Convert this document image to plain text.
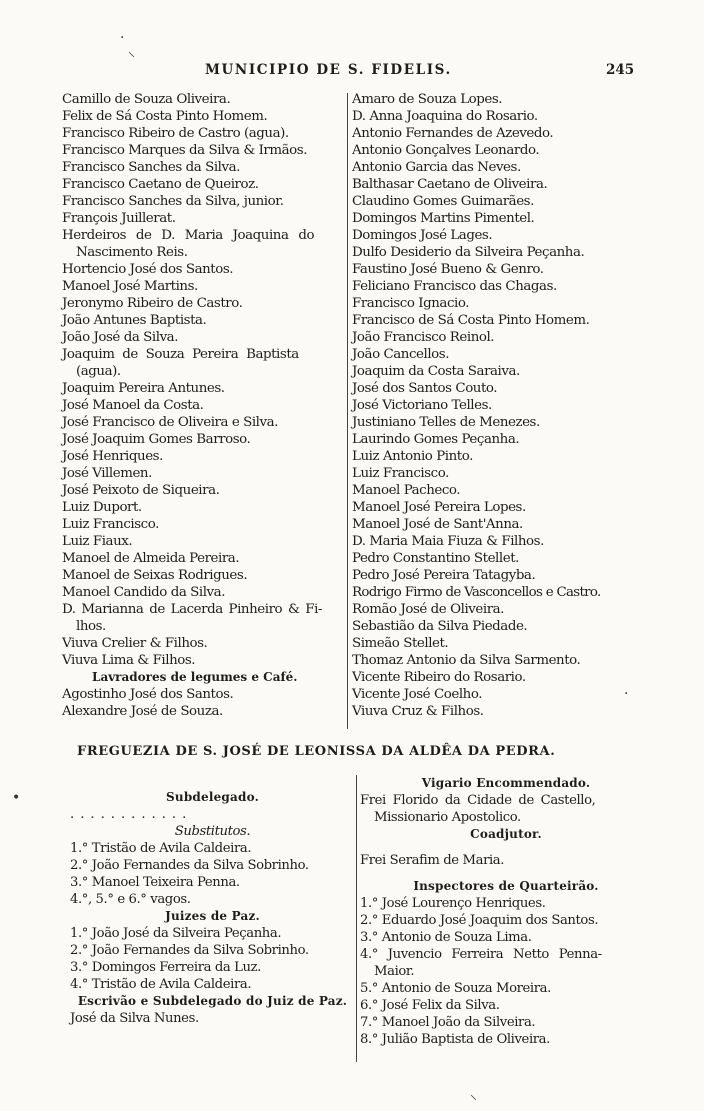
MUNICIPIO DE S. FIDELIS.	245
Camillo de Souza Oliveira.
Felix de Sá Costa Pinto Homem.
Francisco Ribeiro de Castro (agua).
Francisco Marques da Silva & Irmãos.
Francisco Sanches da Silva.
Francisco Caetano de Queiroz.
Francisco Sanches da Silva, junior.
François Juillerat.
Herdeiros de D. Maria Joaquina do
Nascimento Reis.
Hortencio José dos Santos.
Manoel José Martins.
Jeronymo Ribeiro de Castro.
João Antunes Baptista.
João José da Silva.
Joaquim de Souza Pereira Baptista
(agua).
Joaquim Pereira Antunes.
José Manoel da Costa.
José Francisco de Oliveira e Silva.
José Joaquim Gomes Barroso.
José Henriques.
José Villemen.
José Peixoto de Siqueira.
Luiz Duport.
Luiz Francisco.
Luiz Fiaux.
Manoel de Almeida Pereira.
Manoel de Seixas Rodrigues.
Manoel Candido da Silva.
D. Marianna de Lacerda Pinheiro & Fi-
lhos.
Viuva Crelier & Filhos.
Viuva Lima & Filhos.
Lavradores de legumes e Café.
Agostinho José dos Santos.
Alexandre José de Souza.
Amaro de Souza Lopes.
D. Anna Joaquina do Rosario.
Antonio Fernandes de Azevedo.
Antonio Gonçalves Leonardo.
Antonio Garcia das Neves.
Balthasar Caetano de Oliveira.
Claudino Gomes Guimarães.
Domingos Martins Pimentel.
Domingos José Lages.
Dulfo Desiderio da Silveira Peçanha.
Faustino José Bueno & Genro.
Feliciano Francisco das Chagas.
Francisco Ignacio.
Francisco de Sá Costa Pinto Homem.
João Francisco Reinol.
João Cancellos.
Joaquim da Costa Saraiva.
José dos Santos Couto.
José Victoriano Telles.
Justiniano Telles de Menezes.
Laurindo Gomes Peçanha.
Luiz Antonio Pinto.
Luiz Francisco.
Manoel Pacheco.
Manoel José Pereira Lopes.
Manoel José de Sant'Anna.
D. Maria Maia Fiuza & Filhos.
Pedro Constantino Stellet.
Pedro José Pereira Tatagyba.
Rodrigo Firmo de Vasconcellos e Castro.
Romão José de Oliveira.
Sebastião da Silva Piedade.
Simeão Stellet.
Thomaz Antonio da Silva Sarmento.
Vicente Ribeiro do Rosario.
Vicente José Coelho.
Viuva Cruz & Filhos.
FREGUEZIA DE S. JOSÉ DE LEONISSA DA ALDÊA DA PEDRA.
Subdelegado.
............
Substitutos.
1.° Tristão de Avila Caldeira.
2.° João Fernandes da Silva Sobrinho.
3.° Manoel Teixeira Penna.
4.°, 5.° e 6.° vagos.
Juizes de Paz.
1.° João José da Silveira Peçanha.
2.° João Fernandes da Silva Sobrinho.
3.° Domingos Ferreira da Luz.
4.° Tristão de Avila Caldeira.
Escrivão e Subdelegado do Juiz de Paz.
José da Silva Nunes.
Vigario Encommendado.
Frei Florido da Cidade de Castello,
Missionario Apostolico.
Coadjutor.
Frei Serafim de Maria.
Inspectores de Quarteirão.
1.° José Lourenço Henriques.
2.° Eduardo José Joaquim dos Santos.
3.° Antonio de Souza Lima.
4.° Juvencio Ferreira Netto Penna-
Maior.
5.° Antonio de Souza Moreira.
6.° José Felix da Silva.
7.° Manoel João da Silveira.
8.° Julião Baptista de Oliveira.
·
⸜
•
·
⸜
